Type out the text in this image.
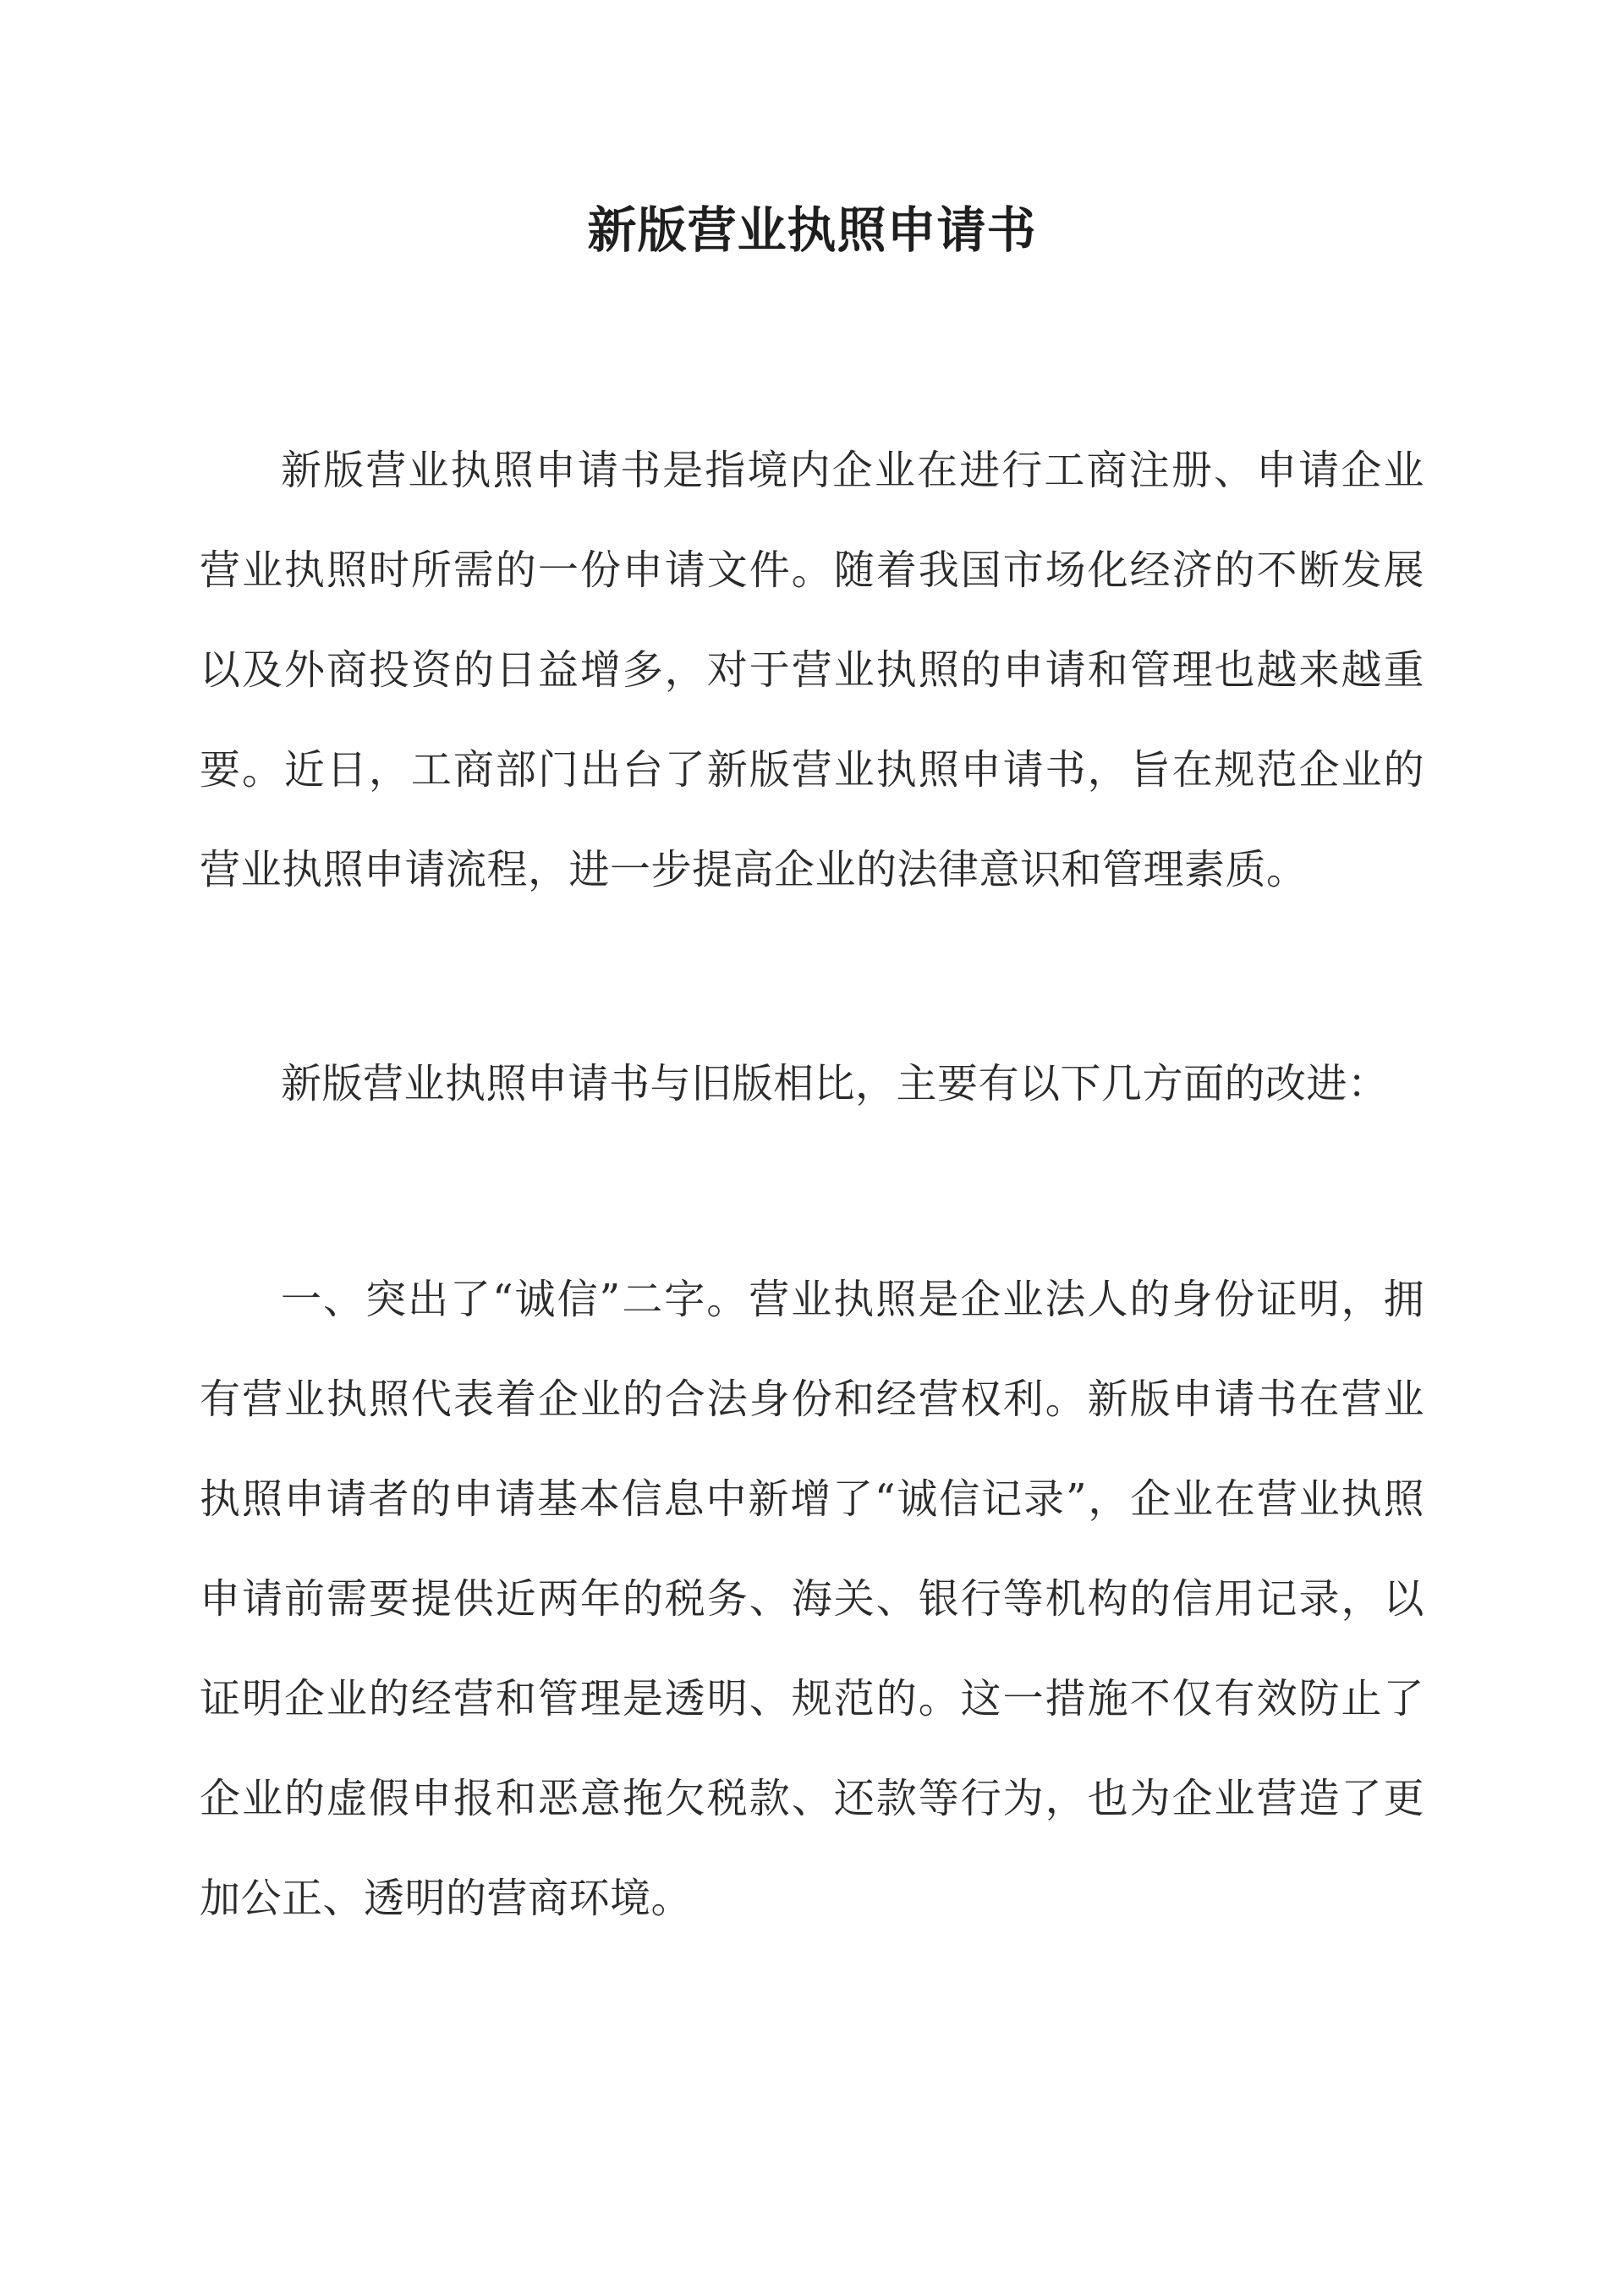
新版营业执照申请书

新版营业执照申请书是指境内企业在进行工商注册、申请企业营业执照时所需的一份申请文件。随着我国市场化经济的不断发展以及外商投资的日益增多，对于营业执照的申请和管理也越来越重要。近日，工商部门出台了新版营业执照申请书，旨在规范企业的营业执照申请流程，进一步提高企业的法律意识和管理素质。

新版营业执照申请书与旧版相比，主要有以下几方面的改进：

一、突出了“诚信”二字。营业执照是企业法人的身份证明，拥有营业执照代表着企业的合法身份和经营权利。新版申请书在营业执照申请者的申请基本信息中新增了“诚信记录”，企业在营业执照申请前需要提供近两年的税务、海关、银行等机构的信用记录，以证明企业的经营和管理是透明、规范的。这一措施不仅有效防止了企业的虚假申报和恶意拖欠税款、还款等行为，也为企业营造了更加公正、透明的营商环境。
